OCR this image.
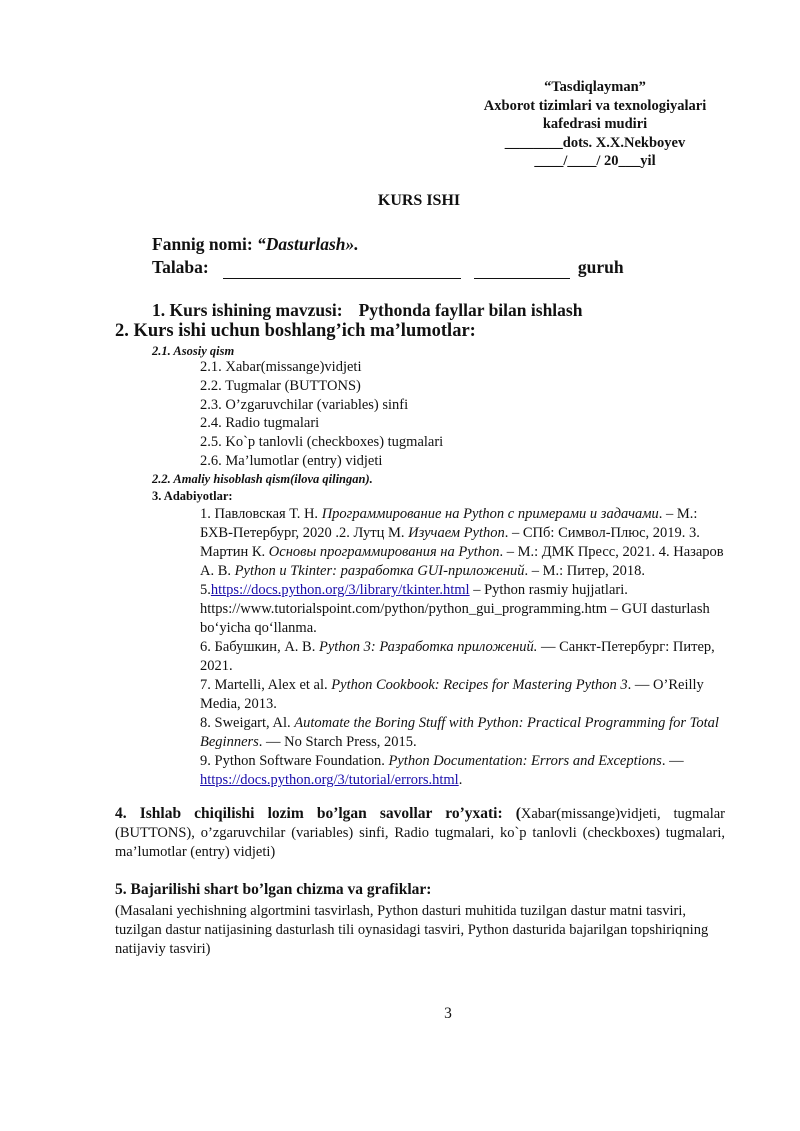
“Tasdiqlayman”
Axborot tizimlari va texnologiyalari
kafedrasi mudiri
________dots. X.X.Nekboyev
____/____/ 20___yil
KURS ISHI
Fannig nomi: “Dasturlash».
Talaba:	guruh
1. Kurs ishining mavzusi: Pythonda fayllar bilan ishlash
2. Kurs ishi uchun boshlang’ich ma’lumotlar:
2.1. Asosiy qism
2.1. Xabar(missange)vidjeti
2.2. Tugmalar (BUTTONS)
2.3. O’zgaruvchilar (variables) sinfi
2.4. Radio tugmalari
2.5. Ko`p tanlovli (checkboxes) tugmalari
2.6. Ma’lumotlar (entry) vidjeti
2.2. Amaliy hisoblash qism(ilova qilingan).
3. Adabiyotlar:
1. Павловская Т. Н. Программирование на Python с примерами и задачами. – М.: БХВ-Петербург, 2020 .2. Лутц М. Изучаем Python. – СПб: Символ-Плюс, 2019. 3. Мартин К. Основы программирования на Python. – М.: ДМК Пресс, 2021. 4. Назаров А. В. Python и Tkinter: разработка GUI-приложений. – М.: Питер, 2018.
5.https://docs.python.org/3/library/tkinter.html – Python rasmiy hujjatlari. https://www.tutorialspoint.com/python/python_gui_programming.htm – GUI dasturlash bo‘yicha qo‘llanma.
6. Бабушкин, А. В. Python 3: Разработка приложений. — Санкт-Петербург: Питер, 2021.
7. Martelli, Alex et al. Python Cookbook: Recipes for Mastering Python 3. — O’Reilly Media, 2013.
8. Sweigart, Al. Automate the Boring Stuff with Python: Practical Programming for Total Beginners. — No Starch Press, 2015.
9. Python Software Foundation. Python Documentation: Errors and Exceptions. — https://docs.python.org/3/tutorial/errors.html.
4. Ishlab chiqilishi lozim bo’lgan savollar ro’yxati: (Xabar(missange)vidjeti, tugmalar (BUTTONS), o’zgaruvchilar (variables) sinfi, Radio tugmalari, ko`p tanlovli (checkboxes) tugmalari, ma’lumotlar (entry) vidjeti)
5. Bajarilishi shart bo’lgan chizma va grafiklar:
(Masalani yechishning algortmini tasvirlash, Python dasturi muhitida tuzilgan dastur matni tasviri, tuzilgan dastur natijasining dasturlash tili oynasidagi tasviri, Python dasturida bajarilgan topshiriqning natijaviy tasviri)
3
